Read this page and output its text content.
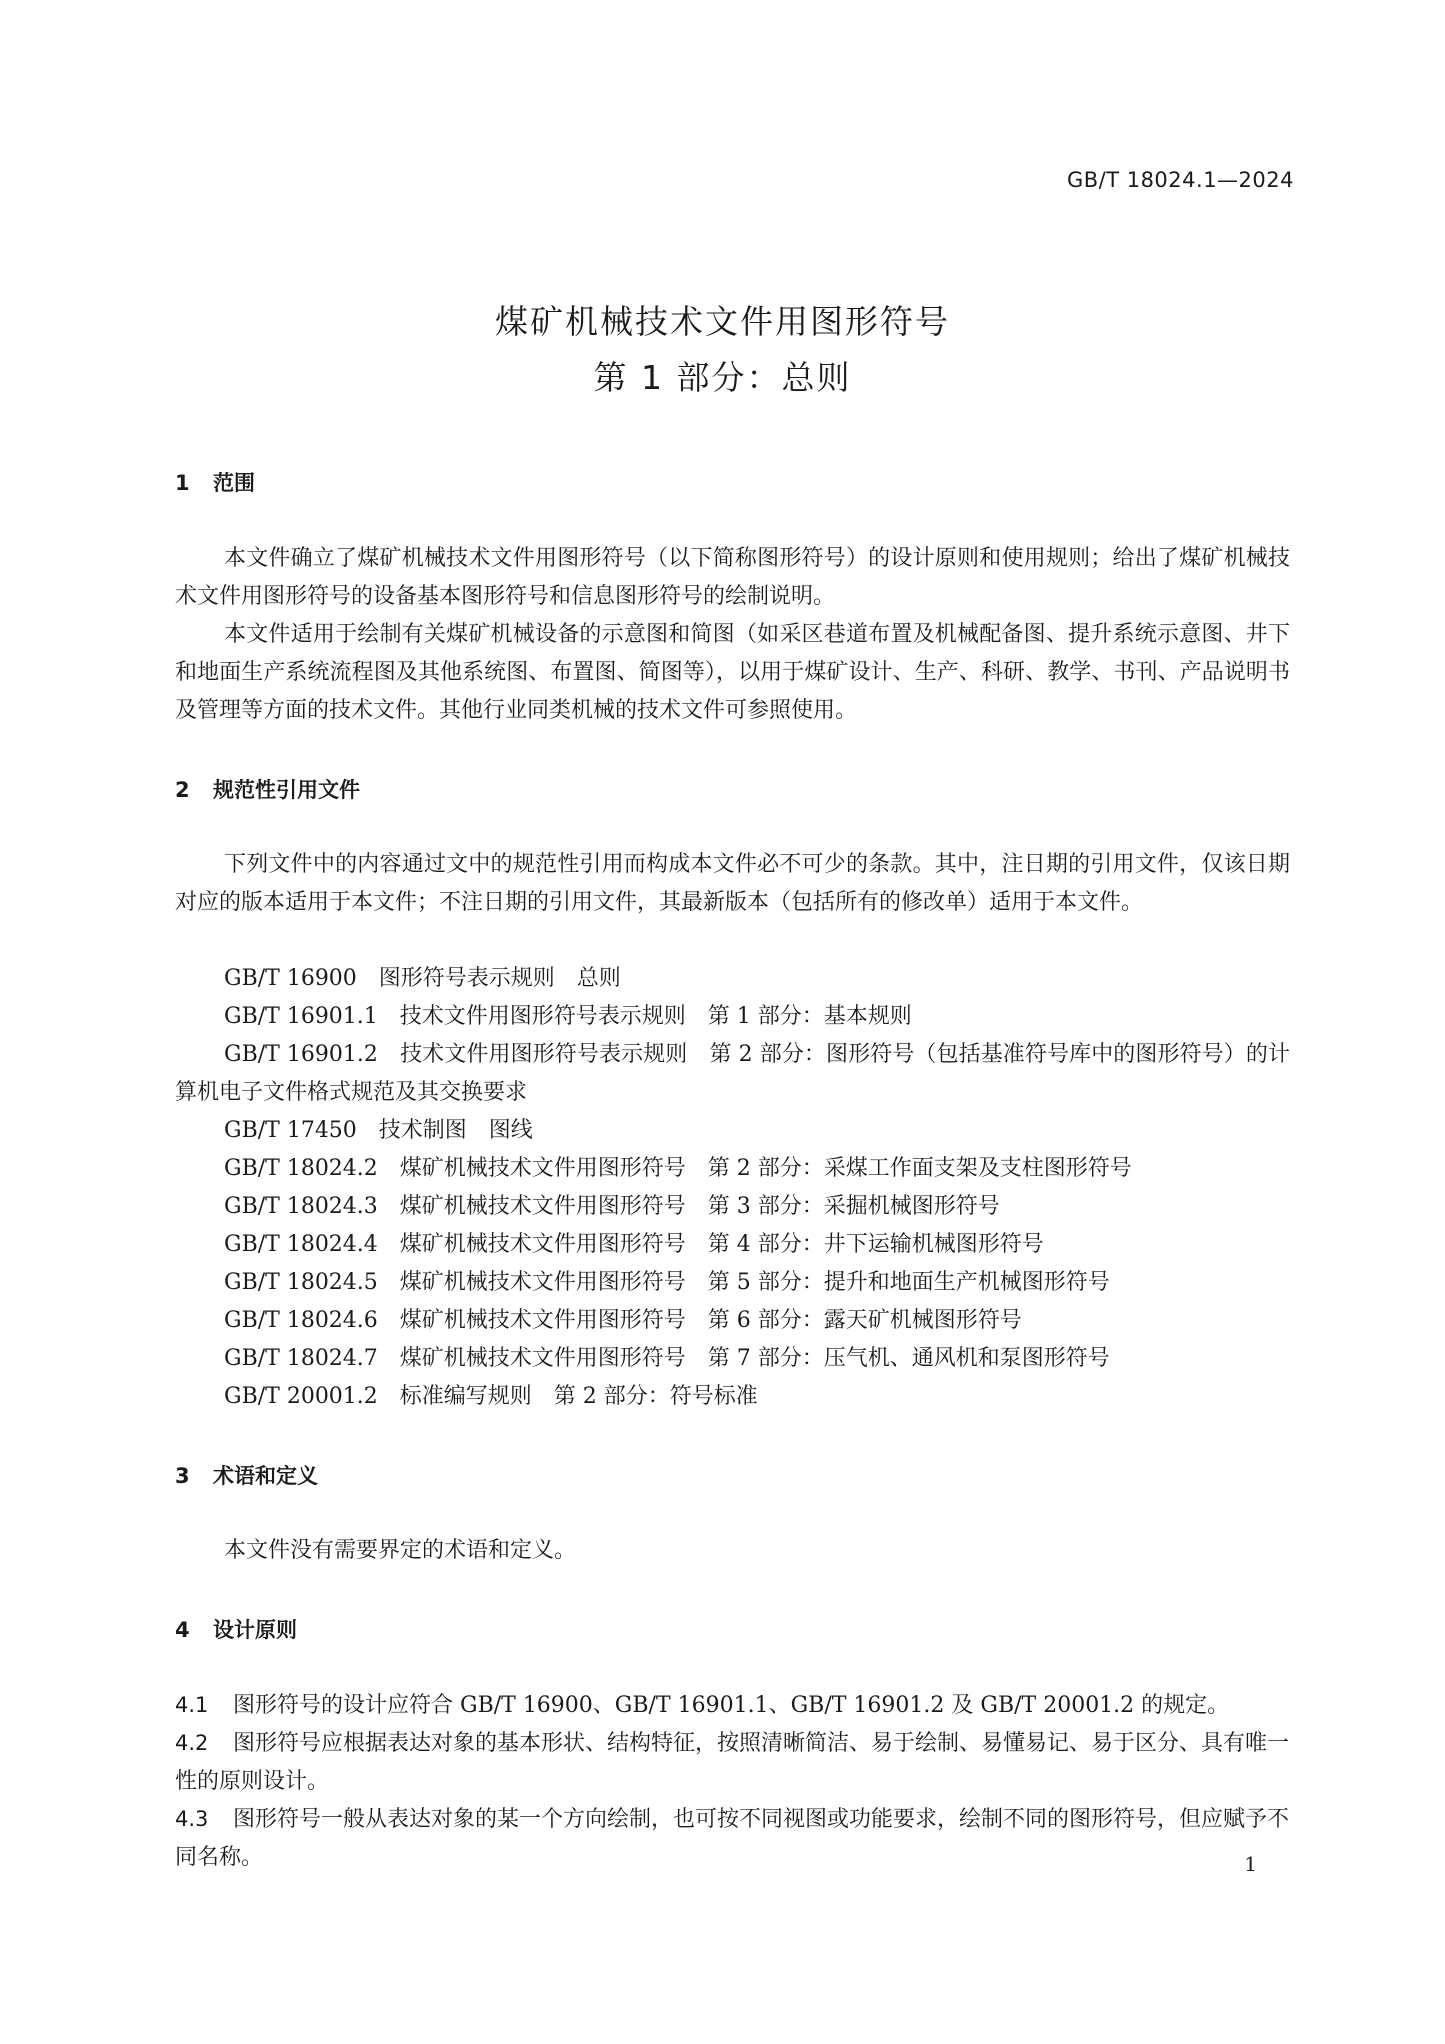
GB/T 18024.1—2024
煤矿机械技术文件用图形符号
第 1 部分：总则
1 范围
本文件确立了煤矿机械技术文件用图形符号（以下简称图形符号）的设计原则和使用规则；给出了煤矿机械技术文件用图形符号的设备基本图形符号和信息图形符号的绘制说明。
本文件适用于绘制有关煤矿机械设备的示意图和简图（如采区巷道布置及机械配备图、提升系统示意图、井下和地面生产系统流程图及其他系统图、布置图、简图等），以用于煤矿设计、生产、科研、教学、书刊、产品说明书及管理等方面的技术文件。其他行业同类机械的技术文件可参照使用。
2 规范性引用文件
下列文件中的内容通过文中的规范性引用而构成本文件必不可少的条款。其中，注日期的引用文件，仅该日期对应的版本适用于本文件；不注日期的引用文件，其最新版本（包括所有的修改单）适用于本文件。
GB/T 16900　图形符号表示规则　总则
GB/T 16901.1　技术文件用图形符号表示规则　第 1 部分：基本规则
GB/T 16901.2　技术文件用图形符号表示规则　第 2 部分：图形符号（包括基准符号库中的图形符号）的计算机电子文件格式规范及其交换要求
GB/T 17450　技术制图　图线
GB/T 18024.2　煤矿机械技术文件用图形符号　第 2 部分：采煤工作面支架及支柱图形符号
GB/T 18024.3　煤矿机械技术文件用图形符号　第 3 部分：采掘机械图形符号
GB/T 18024.4　煤矿机械技术文件用图形符号　第 4 部分：井下运输机械图形符号
GB/T 18024.5　煤矿机械技术文件用图形符号　第 5 部分：提升和地面生产机械图形符号
GB/T 18024.6　煤矿机械技术文件用图形符号　第 6 部分：露天矿机械图形符号
GB/T 18024.7　煤矿机械技术文件用图形符号　第 7 部分：压气机、通风机和泵图形符号
GB/T 20001.2　标准编写规则　第 2 部分：符号标准
3 术语和定义
本文件没有需要界定的术语和定义。
4 设计原则
4.1 图形符号的设计应符合 GB/T 16900、GB/T 16901.1、GB/T 16901.2 及 GB/T 20001.2 的规定。
4.2 图形符号应根据表达对象的基本形状、结构特征，按照清晰简洁、易于绘制、易懂易记、易于区分、具有唯一性的原则设计。
4.3 图形符号一般从表达对象的某一个方向绘制，也可按不同视图或功能要求，绘制不同的图形符号，但应赋予不同名称。	1
